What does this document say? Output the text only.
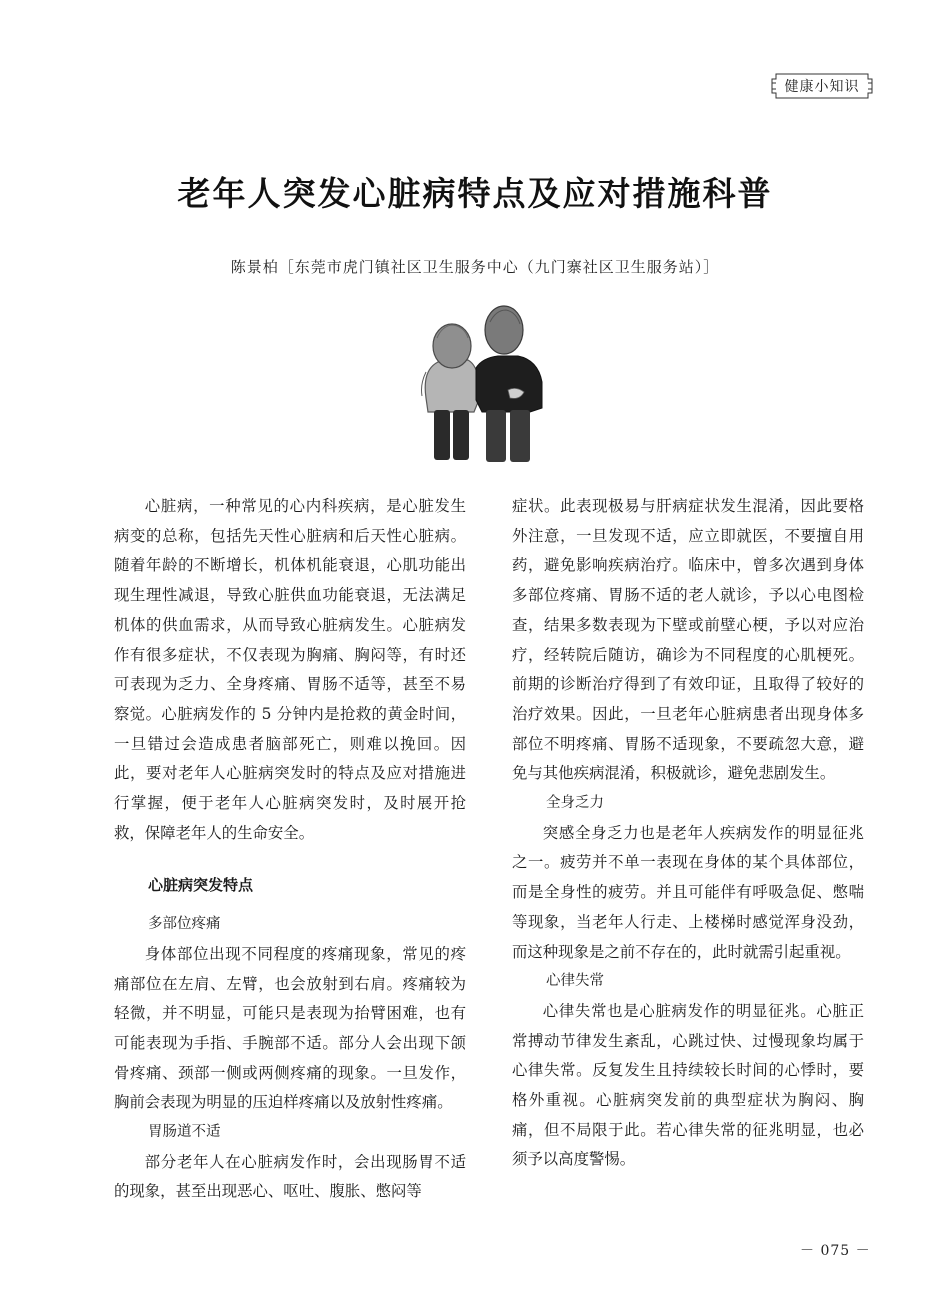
健康小知识
老年人突发心脏病特点及应对措施科普
陈景柏［东莞市虎门镇社区卫生服务中心（九门寨社区卫生服务站）］

心脏病，一种常见的心内科疾病，是心脏发生病变的总称，包括先天性心脏病和后天性心脏病。随着年龄的不断增长，机体机能衰退，心肌功能出现生理性减退，导致心脏供血功能衰退，无法满足机体的供血需求，从而导致心脏病发生。心脏病发作有很多症状，不仅表现为胸痛、胸闷等，有时还可表现为乏力、全身疼痛、胃肠不适等，甚至不易察觉。心脏病发作的 5 分钟内是抢救的黄金时间，一旦错过会造成患者脑部死亡，则难以挽回。因此，要对老年人心脏病突发时的特点及应对措施进行掌握，便于老年人心脏病突发时，及时展开抢救，保障老年人的生命安全。

心脏病突发特点
多部位疼痛

身体部位出现不同程度的疼痛现象，常见的疼痛部位在左肩、左臂，也会放射到右肩。疼痛较为轻微，并不明显，可能只是表现为抬臂困难，也有可能表现为手指、手腕部不适。部分人会出现下颌骨疼痛、颈部一侧或两侧疼痛的现象。一旦发作，胸前会表现为明显的压迫样疼痛以及放射性疼痛。

胃肠道不适

部分老年人在心脏病发作时，会出现肠胃不适的现象，甚至出现恶心、呕吐、腹胀、憋闷等

症状。此表现极易与肝病症状发生混淆，因此要格外注意，一旦发现不适，应立即就医，不要擅自用药，避免影响疾病治疗。临床中，曾多次遇到身体多部位疼痛、胃肠不适的老人就诊，予以心电图检查，结果多数表现为下壁或前壁心梗，予以对应治疗，经转院后随访，确诊为不同程度的心肌梗死。前期的诊断治疗得到了有效印证，且取得了较好的治疗效果。因此，一旦老年心脏病患者出现身体多部位不明疼痛、胃肠不适现象，不要疏忽大意，避免与其他疾病混淆，积极就诊，避免悲剧发生。

全身乏力

突感全身乏力也是老年人疾病发作的明显征兆之一。疲劳并不单一表现在身体的某个具体部位，而是全身性的疲劳。并且可能伴有呼吸急促、憋喘等现象，当老年人行走、上楼梯时感觉浑身没劲，而这种现象是之前不存在的，此时就需引起重视。

心律失常

心律失常也是心脏病发作的明显征兆。心脏正常搏动节律发生紊乱，心跳过快、过慢现象均属于心律失常。反复发生且持续较长时间的心悸时，要格外重视。心脏病突发前的典型症状为胸闷、胸痛，但不局限于此。若心律失常的征兆明显，也必须予以高度警惕。

－ 075 －
